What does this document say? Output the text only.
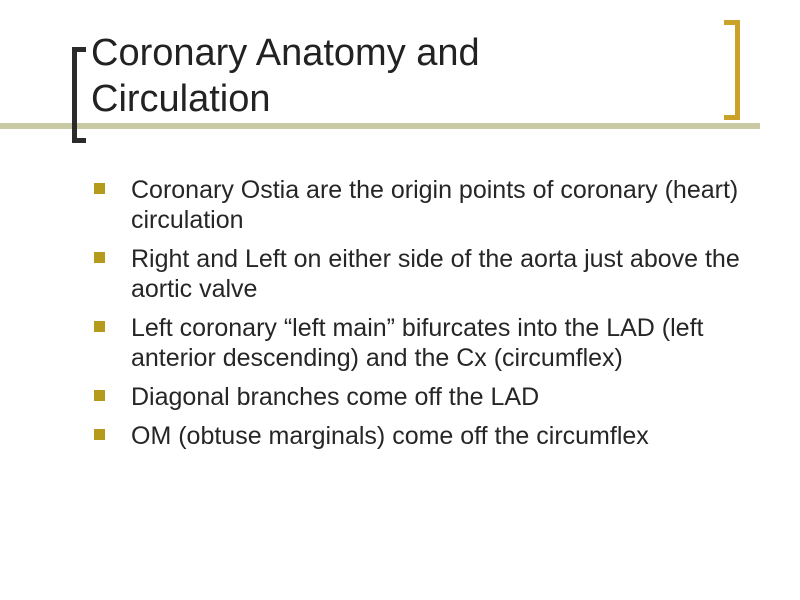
Coronary Anatomy and
Circulation
Coronary Ostia are the origin points of coronary (heart) circulation
Right and Left on either side of the aorta just above the aortic valve
Left coronary “left main” bifurcates into the LAD (left anterior descending) and the Cx (circumflex)
Diagonal branches come off the LAD
OM (obtuse marginals) come off the circumflex
